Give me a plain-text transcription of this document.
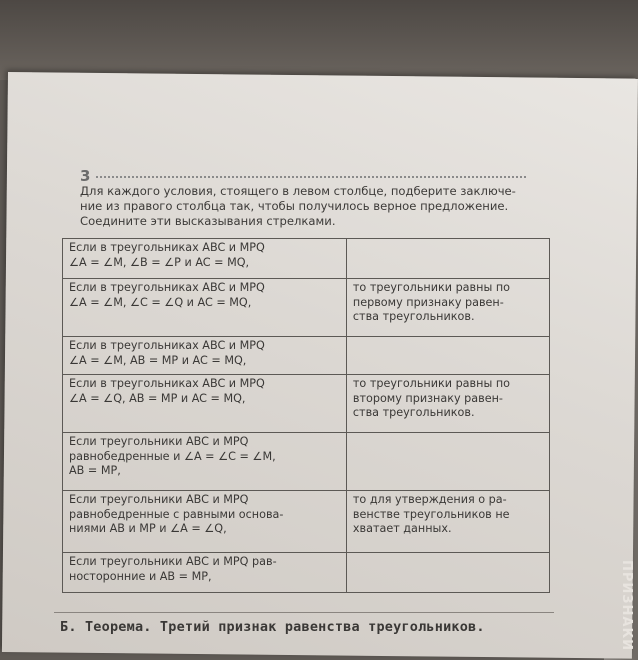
3
Для каждого условия, стоящего в левом столбце, подберите заключе-
ние из правого столбца так, чтобы получилось верное предложение.
Соедините эти высказывания стрелками.
Если в треугольниках ABC и MPQ
∠A = ∠M, ∠B = ∠P и AC = MQ,	

Если в треугольниках ABC и MPQ
∠A = ∠M, ∠C = ∠Q и AC = MQ,	то треугольники равны по
первому признаку равен-
ства треугольников.

Если в треугольниках ABC и MPQ
∠A = ∠M, AB = MP и AC = MQ,	

Если в треугольниках ABC и MPQ
∠A = ∠Q, AB = MP и AC = MQ,	то треугольники равны по
второму признаку равен-
ства треугольников.

Если треугольники ABC и MPQ
равнобедренные и ∠A = ∠C = ∠M,
AB = MP,	

Если треугольники ABC и MPQ
равнобедренные с равными основа-
ниями AB и MP и ∠A = ∠Q,	то для утверждения о ра-
венстве треугольников не
хватает данных.

Если треугольники ABC и MPQ рав-
носторонние и AB = MP,	

Б. Теорема. Третий признак равенства треугольников.	ПРИЗНАКИ
